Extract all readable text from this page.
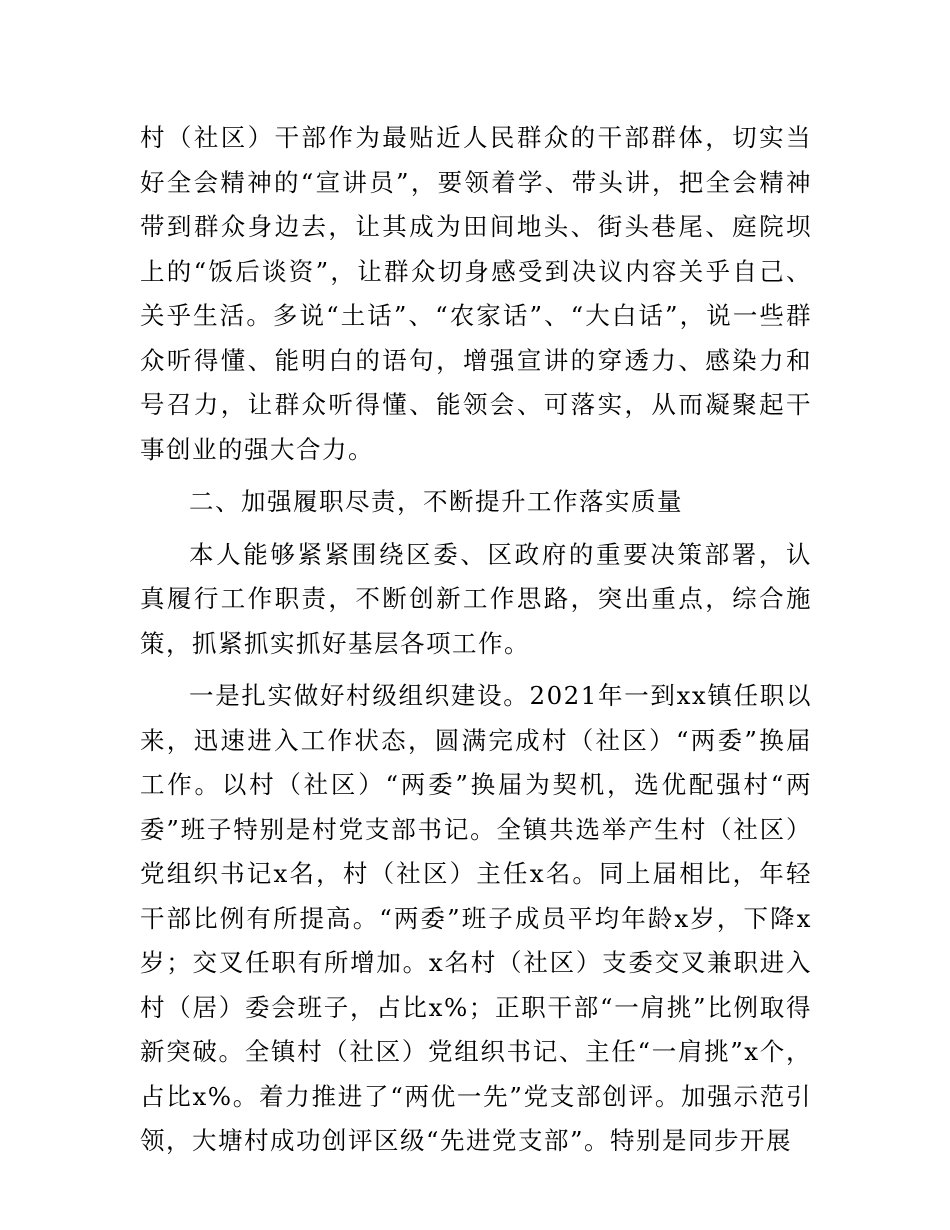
村（社区）干部作为最贴近人民群众的干部群体，切实当好全会精神的“宣讲员”，要领着学、带头讲，把全会精神带到群众身边去，让其成为田间地头、街头巷尾、庭院坝上的“饭后谈资”，让群众切身感受到决议内容关乎自己、关乎生活。多说“土话”、“农家话”、“大白话”，说一些群众听得懂、能明白的语句，增强宣讲的穿透力、感染力和号召力，让群众听得懂、能领会、可落实，从而凝聚起干事创业的强大合力。

二、加强履职尽责，不断提升工作落实质量

本人能够紧紧围绕区委、区政府的重要决策部署，认真履行工作职责，不断创新工作思路，突出重点，综合施策，抓紧抓实抓好基层各项工作。

一是扎实做好村级组织建设。2021年一到xx镇任职以来，迅速进入工作状态，圆满完成村（社区）“两委”换届工作。以村（社区）“两委”换届为契机，选优配强村“两委”班子特别是村党支部书记。全镇共选举产生村（社区）党组织书记x名，村（社区）主任x名。同上届相比，年轻干部比例有所提高。“两委”班子成员平均年龄x岁，下降x岁；交叉任职有所增加。x名村（社区）支委交叉兼职进入村（居）委会班子，占比x%；正职干部“一肩挑”比例取得新突破。全镇村（社区）党组织书记、主任“一肩挑”x个，占比x%。着力推进了“两优一先”党支部创评。加强示范引领，大塘村成功创评区级“先进党支部”。特别是同步开展
